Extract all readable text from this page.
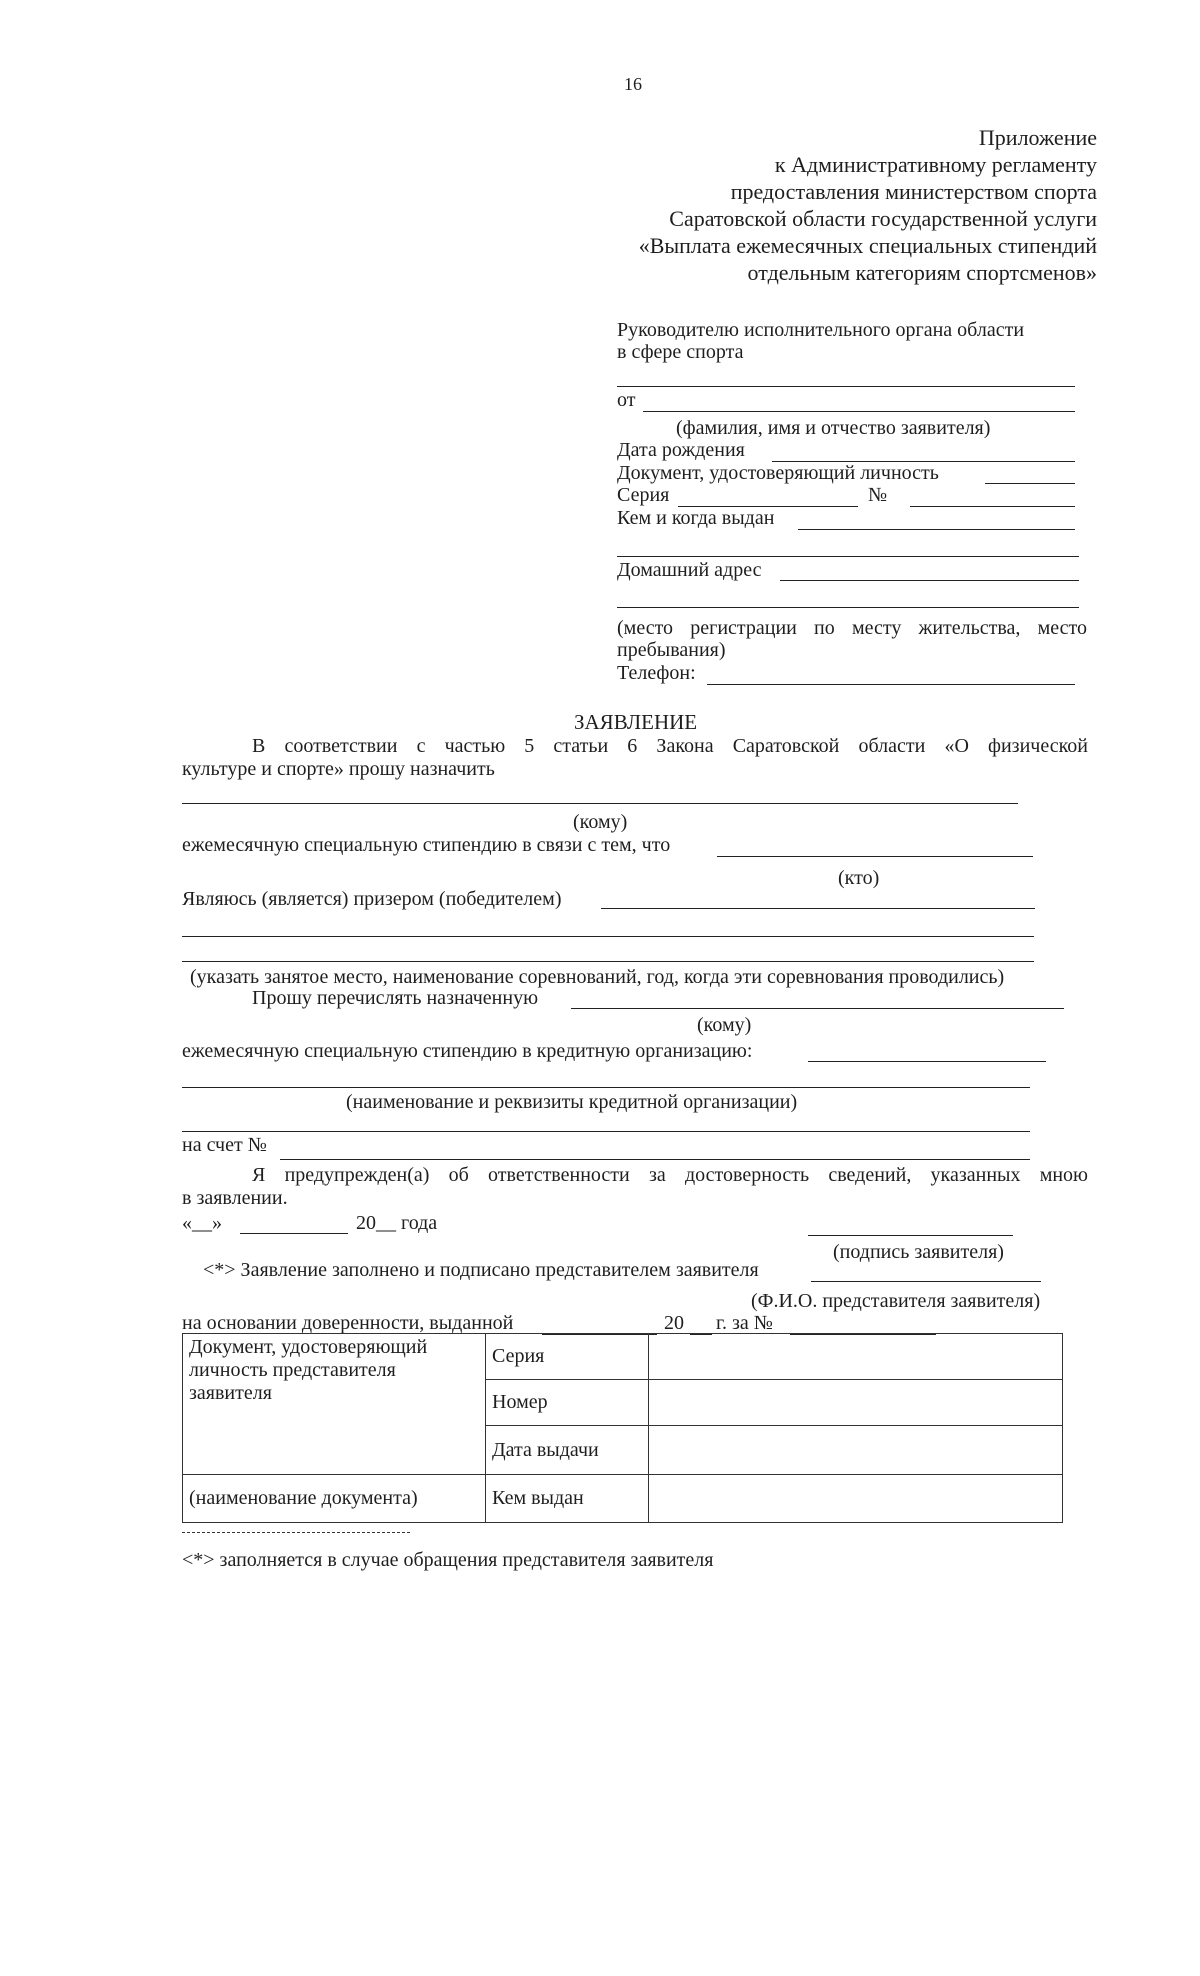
16
Приложение
к Административному регламенту
предоставления министерством спорта
Саратовской области государственной услуги
«Выплата ежемесячных специальных стипендий
отдельным категориям спортсменов»
Руководителю исполнительного органа области
в сфере спорта
от
(фамилия, имя и отчество заявителя)
Дата рождения
Документ, удостоверяющий личность
Серия	№
Кем и когда выдан
Домашний адрес
(место регистрации по месту жительства, место
пребывания)
Телефон:
ЗАЯВЛЕНИЕ
В соответствии с частью 5 статьи 6 Закона Саратовской области «О физической
культуре и спорте» прошу назначить
(кому)
ежемесячную специальную стипендию в связи с тем, что
(кто)
Являюсь (является) призером (победителем)
(указать занятое место, наименование соревнований, год, когда эти соревнования проводились)
Прошу перечислять назначенную
(кому)
ежемесячную специальную стипендию в кредитную организацию:
(наименование и реквизиты кредитной организации)
на счет №
Я предупрежден(а) об ответственности за достоверность сведений, указанных мною
в заявлении.
«__»	20__ года
(подпись заявителя)
<*> Заявление заполнено и подписано представителем заявителя
(Ф.И.О. представителя заявителя)
на основании доверенности, выданной	20 г. за №
Документ, удостоверяющий личность представителя заявителя	Серия	
	Номер	
	Дата выдачи	
(наименование документа)	Кем выдан	
<*> заполняется в случае обращения представителя заявителя
